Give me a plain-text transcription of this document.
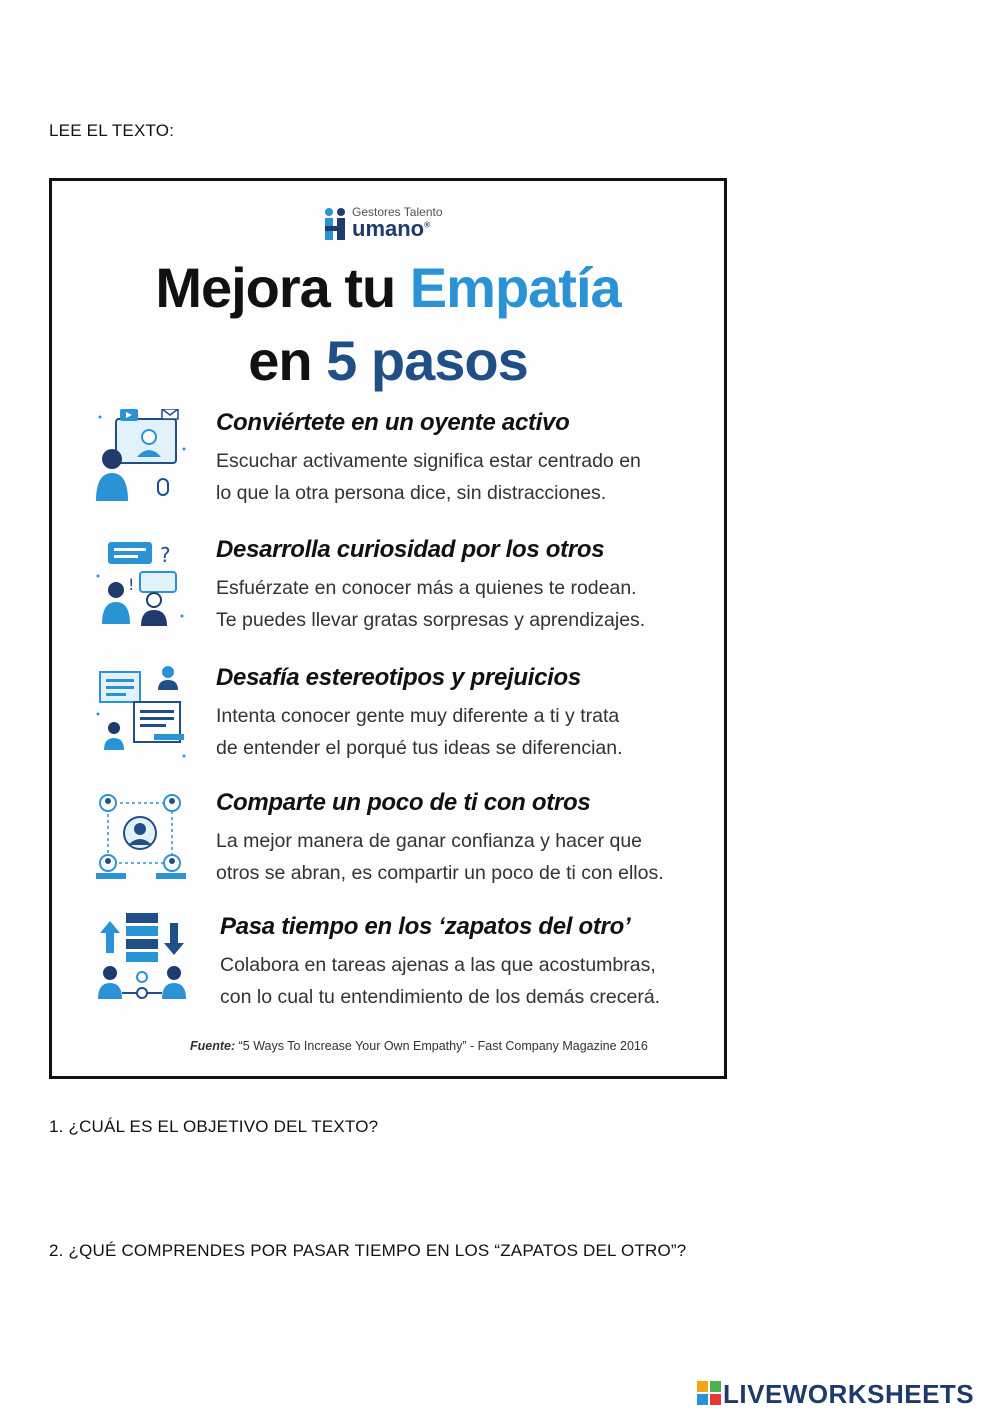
LEE EL TEXTO:
Gestores Talento
umano®
Mejora tu Empatía
en 5 pasos
Conviértete en un oyente activo
Escuchar activamente significa estar centrado en
lo que la otra persona dice, sin distracciones.
?
!
Desarrolla curiosidad por los otros
Esfuérzate en conocer más a quienes te rodean.
Te puedes llevar gratas sorpresas y aprendizajes.
Desafía estereotipos y prejuicios
Intenta conocer gente muy diferente a ti y trata
de entender el porqué tus ideas se diferencian.
Comparte un poco de ti con otros
La mejor manera de ganar confianza y hacer que
otros se abran, es compartir un poco de ti con ellos.
Pasa tiempo en los ‘zapatos del otro’
Colabora en tareas ajenas a las que acostumbras,
con lo cual tu entendimiento de los demás crecerá.
Fuente: “5 Ways To Increase Your Own Empathy” - Fast Company Magazine 2016
1. ¿CUÁL ES EL OBJETIVO DEL TEXTO?
2. ¿QUÉ COMPRENDES POR PASAR TIEMPO EN LOS “ZAPATOS DEL OTRO”?
LIVEWORKSHEETS
